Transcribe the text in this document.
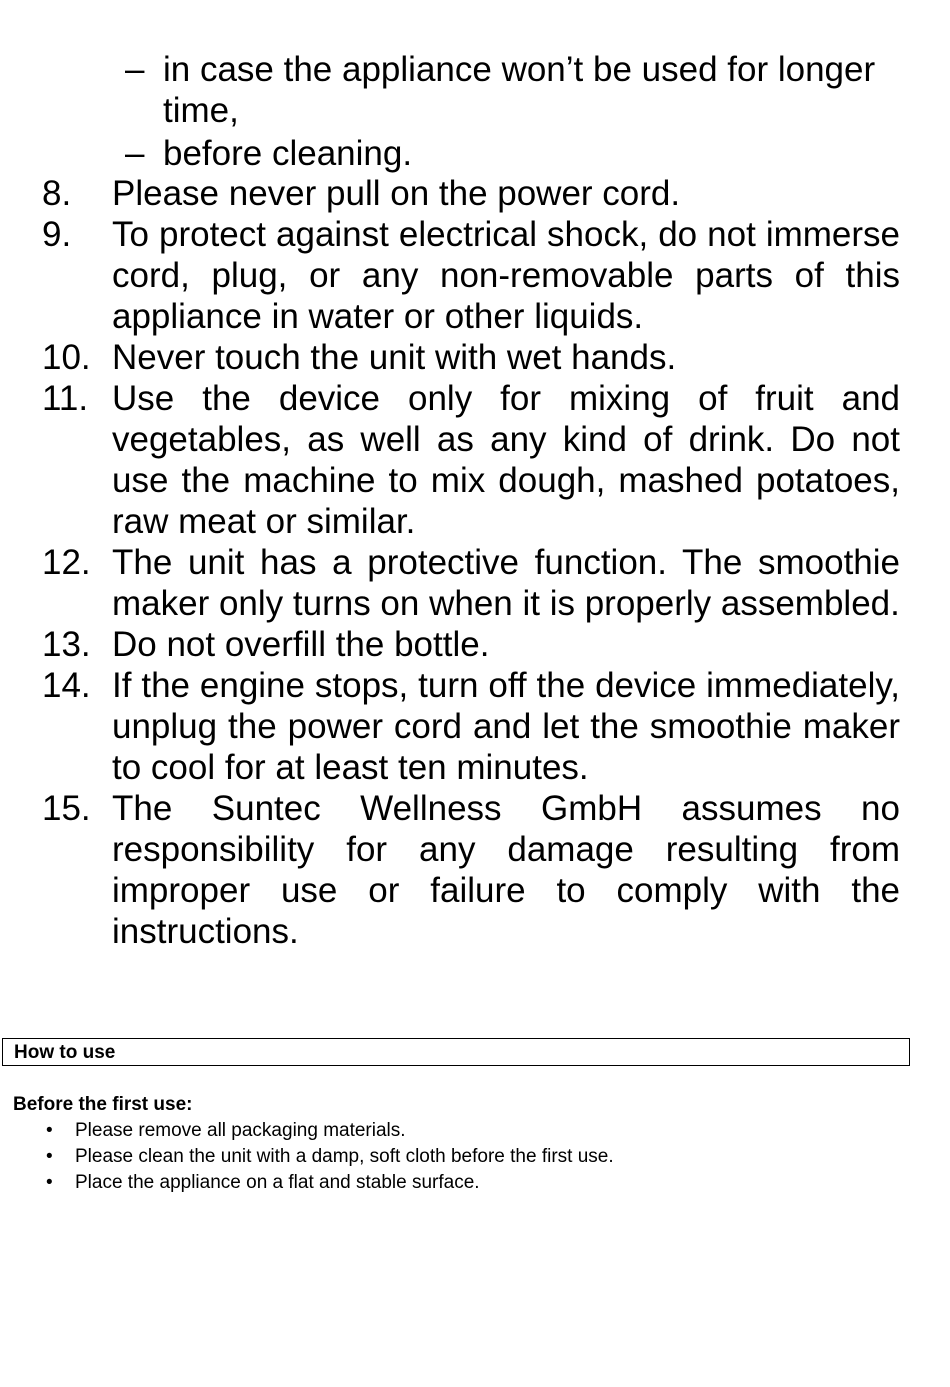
– in case the appliance won’t be used for longer time,
– before cleaning.
8.	Please never pull on the power cord.
9.	To protect against electrical shock, do not immerse cord, plug, or any non-removable parts of this appliance in water or other liquids.
10. Never touch the unit with wet hands.
11. Use the device only for mixing of fruit and vegetables, as well as any kind of drink. Do not use the machine to mix dough, mashed potatoes, raw meat or similar.
12. The unit has a protective function. The smoothie maker only turns on when it is properly assembled.
13. Do not overfill the bottle.
14. If the engine stops, turn off the device immediately, unplug the power cord and let the smoothie maker to cool for at least ten minutes.
15. The Suntec Wellness GmbH assumes no responsibility for any damage resulting from improper use or failure to comply with the instructions.
How to use
Before the first use:
•	Please remove all packaging materials.
•	Please clean the unit with a damp, soft cloth before the first use.
•	Place the appliance on a flat and stable surface.
